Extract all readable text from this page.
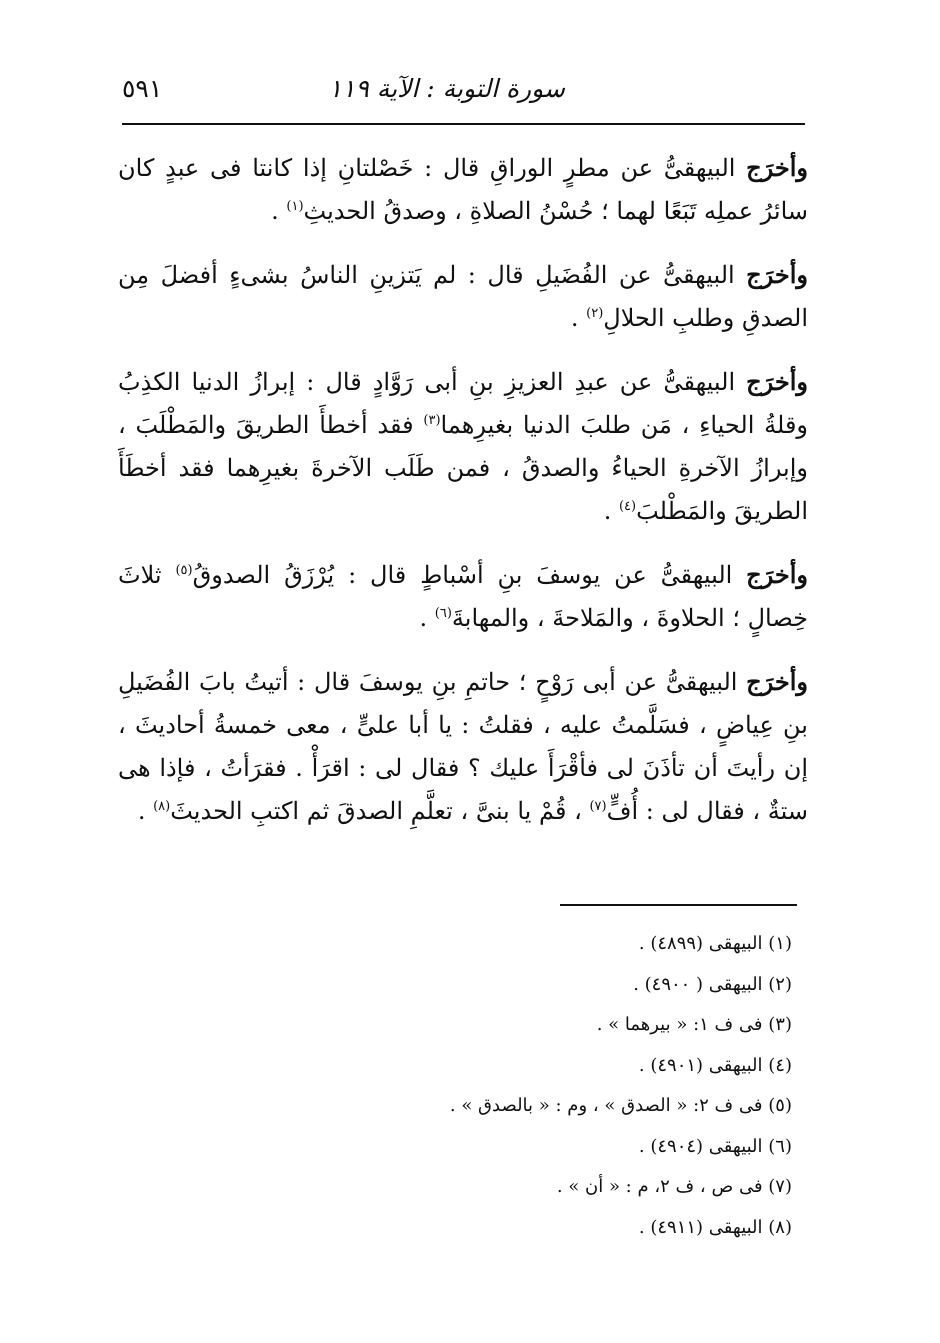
سورة التوبة : الآية ١١٩
٥٩١

وأخرَج البيهقىُّ عن مطرٍ الوراقِ قال : خَصْلتانِ إذا كانتا فى عبدٍ كان سائرُ عملِه تَبَعًا لهما ؛ حُسْنُ الصلاةِ ، وصدقُ الحديثِ$^{(١)}$ .

وأخرَج البيهقىُّ عن الفُضَيلِ قال : لم يَتزينِ الناسُ بشىءٍ أفضلَ مِن الصدقِ وطلبِ الحلالِ$^{(٢)}$ .

وأخرَج البيهقىُّ عن عبدِ العزيزِ بنِ أبى رَوَّادٍ قال : إبرازُ الدنيا الكذِبُ وقلةُ الحياءِ ، مَن طلبَ الدنيا بغيرِهما$^{(٣)}$ فقد أخطأَ الطريقَ والمَطْلَبَ ، وإبرازُ الآخرةِ الحياءُ والصدقُ ، فمن طَلَب الآخرةَ بغيرِهما فقد أخطَأَ الطريقَ والمَطْلبَ$^{(٤)}$ .

وأخرَج البيهقىُّ عن يوسفَ بنِ أسْباطٍ قال : يُرْزَقُ الصدوقُ$^{(٥)}$ ثلاثَ خِصالٍ ؛ الحلاوةَ ، والمَلاحةَ ، والمهابةَ$^{(٦)}$ .

وأخرَج البيهقىُّ عن أبى رَوْحٍ ؛ حاتمِ بنِ يوسفَ قال : أتيتُ بابَ الفُضَيلِ بنِ عِياضٍ ، فسَلَّمتُ عليه ، فقلتُ : يا أبا علىٍّ ، معى خمسةُ أحاديثَ ، إن رأيتَ أن تأذَنَ لى فأقْرَأَ عليك ؟ فقال لى : اقرَأْ . فقرَأتُ ، فإذا هى ستةٌ ، فقال لى : أُفٍّ$^{(٧)}$ ، قُمْ يا بنىَّ ، تعلَّمِ الصدقَ ثم اكتبِ الحديثَ$^{(٨)}$ .

(١) البيهقى (٤٨٩٩) .
(٢) البيهقى ( ٤٩٠٠) .
(٣) فى ف ١: « بيرهما » .
(٤) البيهقى (٤٩٠١) .
(٥) فى ف ٢: « الصدق » ، وم : « بالصدق » .
(٦) البيهقى (٤٩٠٤) .
(٧) فى ص ، ف ٢، م : « أن » .
(٨) البيهقى (٤٩١١) .
